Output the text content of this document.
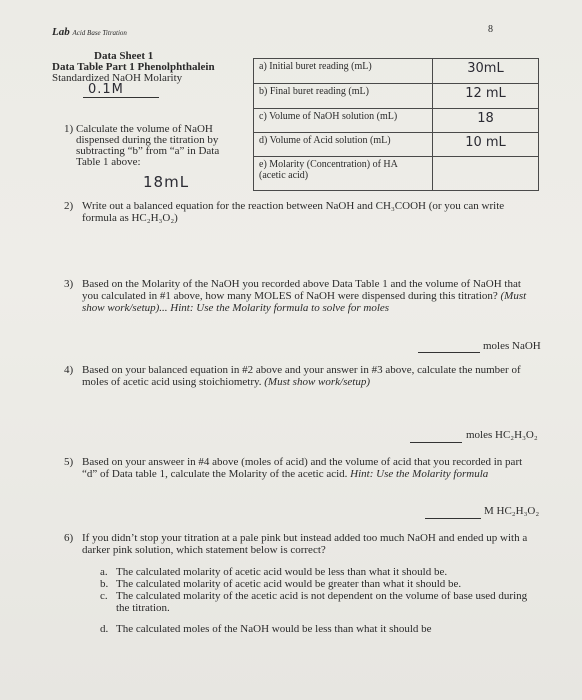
Lab Acid Base Titration	8
Data Sheet 1
Data Table Part 1 Phenolphthalein
Standardized NaOH Molarity
0.1M
1) Calculate the volume of NaOH
dispensed during the titration by
subtracting “b” from “a” in Data
Table 1 above:
18mL
a) Initial buret reading (mL)	30mL
b) Final buret reading (mL)	12 mL
c) Volume of NaOH solution (mL)	18
d) Volume of Acid solution (mL)	10 mL

e) Molarity (Concentration) of HA
(acetic acid)	

2) Write out a balanced equation for the reaction between NaOH and CH₃COOH (or you can write
formula as HC₂H₃O₂)
3) Based on the Molarity of the NaOH you recorded above Data Table 1 and the volume of NaOH that
you calculated in #1 above, how many MOLES of NaOH were dispensed during this titration? (Must
show work/setup)... Hint: Use the Molarity formula to solve for moles
moles NaOH
4) Based on your balanced equation in #2 above and your answer in #3 above, calculate the number of
moles of acetic acid using stoichiometry. (Must show work/setup)
moles HC₂H₃O₂
5) Based on your answeer in #4 above (moles of acid) and the volume of acid that you recorded in part
“d” of Data table 1, calculate the Molarity of the acetic acid. Hint: Use the Molarity formula
M HC₂H₃O₂
6) If you didn’t stop your titration at a pale pink but instead added too much NaOH and ended up with a
darker pink solution, which statement below is correct?
a. The calculated molarity of acetic acid would be less than what it should be.
b. The calculated molarity of acetic acid would be greater than what it should be.
c. The calculated molarity of the acetic acid is not dependent on the volume of base used during
the titration.
d. The calculated moles of the NaOH would be less than what it should be
